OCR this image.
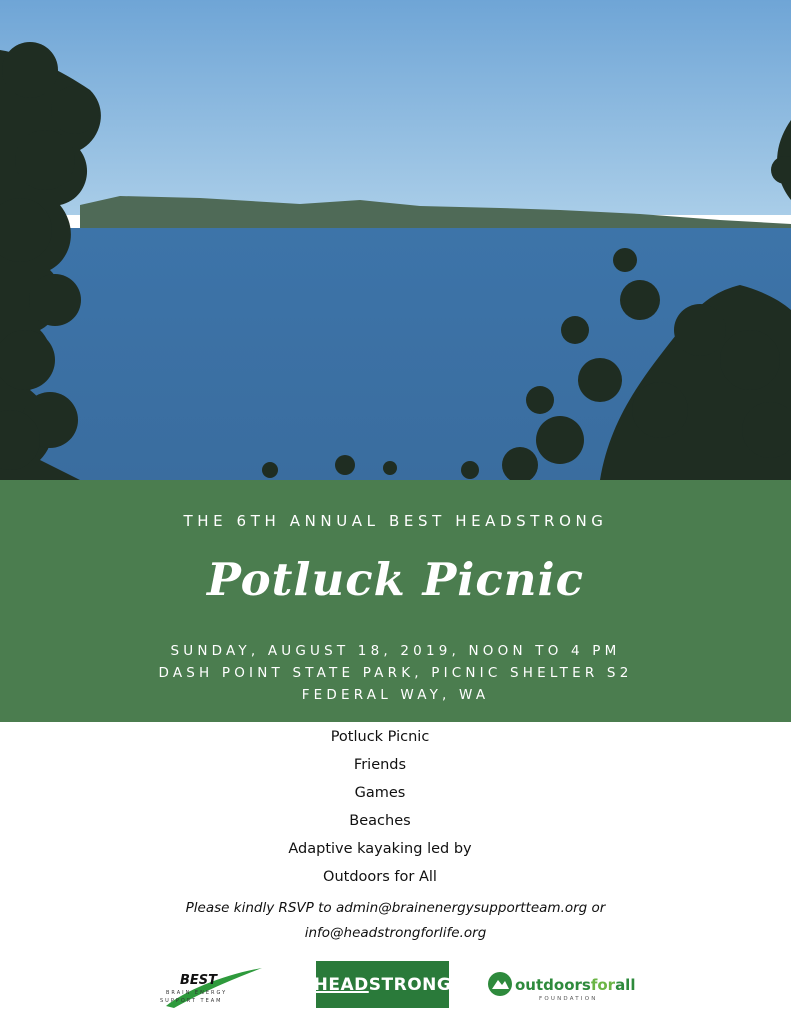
THE 6TH ANNUAL BEST HEADSTRONG
Potluck Picnic
SUNDAY, AUGUST 18, 2019, NOON TO 4 PM
DASH POINT STATE PARK, PICNIC SHELTER S2
FEDERAL WAY, WA
Potluck Picnic
Friends
Games
Beaches
Adaptive kayaking led by
Outdoors for All
Please kindly RSVP to admin@brainenergysupportteam.org or
info@headstrongforlife.org
BEST
BRAIN ENERGY
SUPPORT TEAM
HEAD STRONG	outdoorsforall
FOUNDATION
